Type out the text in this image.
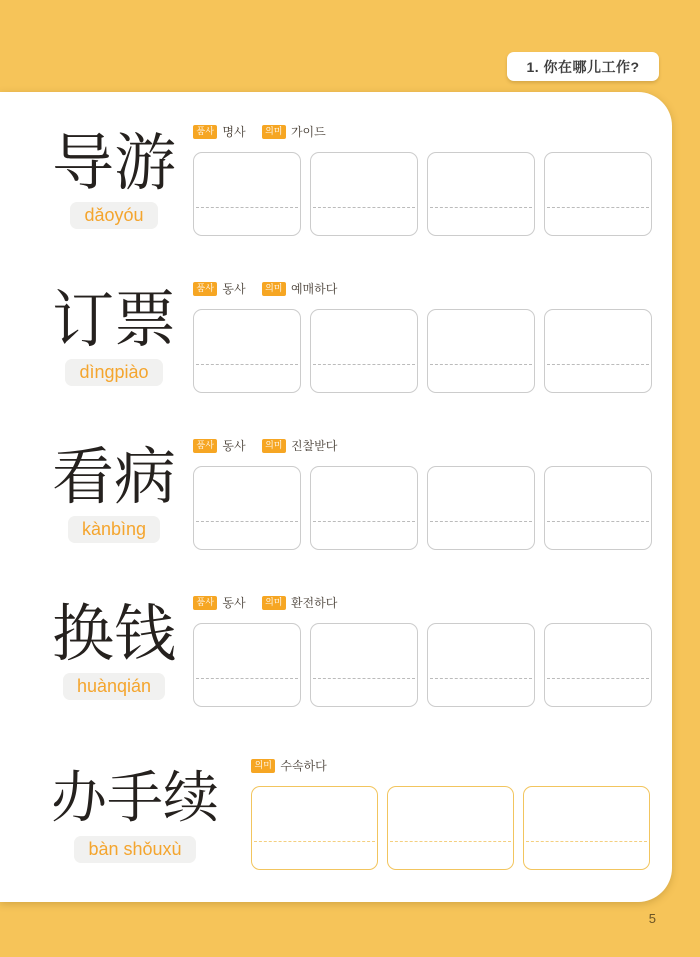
1. 你在哪儿工作?
导游
dǎoyóu
품사 명사	의미 가이드
订票
dìngpiào
품사 동사	의미 예매하다
看病
kànbìng
품사 동사	의미 진찰받다
换钱
huànqián
품사 동사	의미 환전하다
办手续
bàn shǒuxù
의미 수속하다
5
